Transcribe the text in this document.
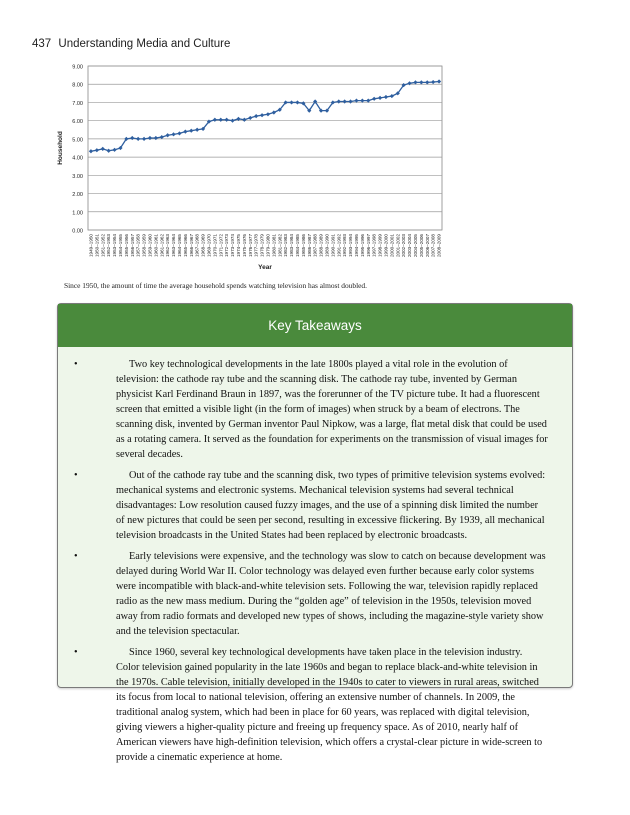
437 Understanding Media and Culture
0.00
1.00
2.00
3.00
4.00
5.00
6.00
7.00
8.00
9.00
Household
1949–1950 1950–1951 1951–1952 1952–1953 1953–1954 1954–1955 1955–1956 1956–1957 1957–1958 1958–1959 1959–1960 1960–1961 1961–1962 1962–1963 1963–1964 1964–1965 1965–1966 1966–1967 1967–1968 1968–1969 1969–1970 1970–1971 1971–1972 1972–1973 1973–1974 1974–1975 1975–1976 1976–1977 1977–1978 1978–1979 1979–1980 1980–1981 1981–1982 1982–1983 1983–1984 1984–1985 1985–1986 1986–1987 1987–1988 1988–1989 1989–1990 1990–1991 1991–1992 1992–1993 1993–1994 1994–1995 1995–1996 1996–1997 1997–1998 1998–1999 1999–2000 2000–2001 2001–2002 2002–2003 2003–2004 2004–2005 2005–2006 2006–2007 2007–2008 2008–2009
Year
Since 1950, the amount of time the average household spends watching television has almost doubled.
Key Takeaways
•	Two key technological developments in the late 1800s played a vital role in the evolution of television: the cathode ray tube and the scanning disk. The cathode ray tube, invented by German physicist Karl Ferdinand Braun in 1897, was the forerunner of the TV picture tube. It had a fluorescent screen that emitted a visible light (in the form of images) when struck by a beam of electrons. The scanning disk, invented by German inventor Paul Nipkow, was a large, flat metal disk that could be used as a rotating camera. It served as the foundation for experiments on the transmission of visual images for several decades.
•	Out of the cathode ray tube and the scanning disk, two types of primitive television systems evolved: mechanical systems and electronic systems. Mechanical television systems had several technical disadvantages: Low resolution caused fuzzy images, and the use of a spinning disk limited the number of new pictures that could be seen per second, resulting in excessive flickering. By 1939, all mechanical television broadcasts in the United States had been replaced by electronic broadcasts.
•	Early televisions were expensive, and the technology was slow to catch on because development was delayed during World War II. Color technology was delayed even further because early color systems were incompatible with black-and-white television sets. Following the war, television rapidly replaced radio as the new mass medium. During the “golden age” of television in the 1950s, television moved away from radio formats and developed new types of shows, including the magazine-style variety show and the television spectacular.
•	Since 1960, several key technological developments have taken place in the television industry. Color television gained popularity in the late 1960s and began to replace black-and-white television in the 1970s. Cable television, initially developed in the 1940s to cater to viewers in rural areas, switched its focus from local to national television, offering an extensive number of channels. In 2009, the traditional analog system, which had been in place for 60 years, was replaced with digital television, giving viewers a higher-quality picture and freeing up frequency space. As of 2010, nearly half of American viewers have high-definition television, which offers a crystal-clear picture in wide-screen to provide a cinematic experience at home.
